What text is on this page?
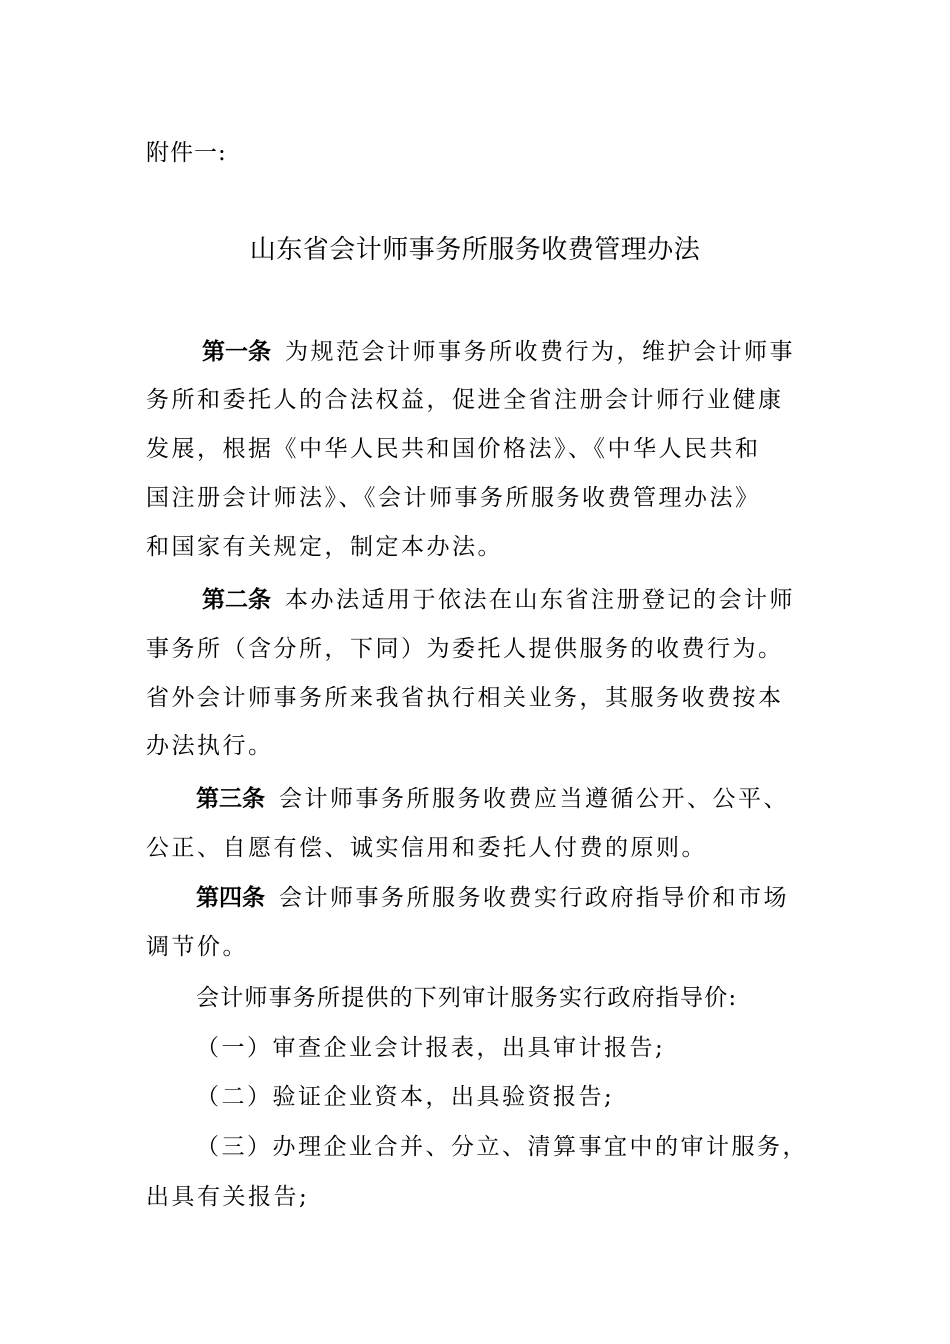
附件一:
山东省会计师事务所服务收费管理办法
第一条 为规范会计师事务所收费行为，维护会计师事
务所和委托人的合法权益，促进全省注册会计师行业健康
发展，根据《中华人民共和国价格法》、《中华人民共和
国注册会计师法》、《会计师事务所服务收费管理办法》
和国家有关规定，制定本办法。
第二条 本办法适用于依法在山东省注册登记的会计师
事务所（含分所，下同）为委托人提供服务的收费行为。
省外会计师事务所来我省执行相关业务，其服务收费按本
办法执行。
第三条 会计师事务所服务收费应当遵循公开、公平、
公正、自愿有偿、诚实信用和委托人付费的原则。
第四条 会计师事务所服务收费实行政府指导价和市场
调节价。
会计师事务所提供的下列审计服务实行政府指导价:
（一）审查企业会计报表，出具审计报告;
（二）验证企业资本，出具验资报告;
（三）办理企业合并、分立、清算事宜中的审计服务，
出具有关报告;
